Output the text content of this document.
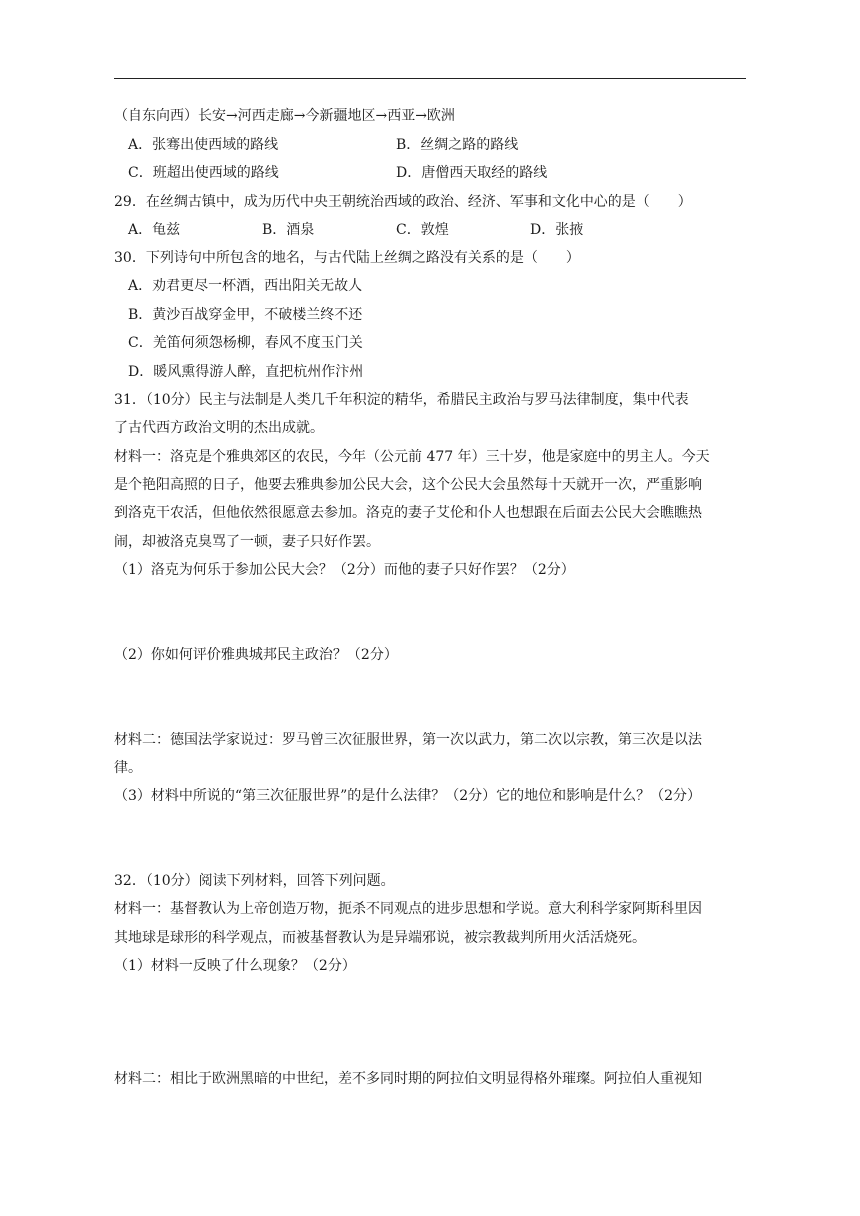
（自东向西）长安→河西走廊→今新疆地区→西亚→欧洲
A．张骞出使西域的路线	B．丝绸之路的路线
C．班超出使西域的路线	D．唐僧西天取经的路线
29．在丝绸古镇中，成为历代中央王朝统治西域的政治、经济、军事和文化中心的是（　　）
A．龟兹	B．酒泉	C．敦煌	D．张掖
30．下列诗句中所包含的地名，与古代陆上丝绸之路没有关系的是（　　）
A．劝君更尽一杯酒，西出阳关无故人
B．黄沙百战穿金甲，不破楼兰终不还
C．羌笛何须怨杨柳，春风不度玉门关
D．暖风熏得游人醉，直把杭州作汴州
31．（10分）民主与法制是人类几千年积淀的精华，希腊民主政治与罗马法律制度，集中代表
了古代西方政治文明的杰出成就。
材料一：洛克是个雅典郊区的农民，今年（公元前 477 年）三十岁，他是家庭中的男主人。今天
是个艳阳高照的日子，他要去雅典参加公民大会，这个公民大会虽然每十天就开一次，严重影响
到洛克干农活，但他依然很愿意去参加。洛克的妻子艾伦和仆人也想跟在后面去公民大会瞧瞧热
闹，却被洛克臭骂了一顿，妻子只好作罢。
（1）洛克为何乐于参加公民大会？（2分）而他的妻子只好作罢？（2分）
（2）你如何评价雅典城邦民主政治？（2分）
材料二：德国法学家说过：罗马曾三次征服世界，第一次以武力，第二次以宗教，第三次是以法
律。
（3）材料中所说的“第三次征服世界”的是什么法律？（2分）它的地位和影响是什么？（2分）
32．（10分）阅读下列材料，回答下列问题。
材料一：基督教认为上帝创造万物，扼杀不同观点的进步思想和学说。意大利科学家阿斯科里因
其地球是球形的科学观点，而被基督教认为是异端邪说，被宗教裁判所用火活活烧死。
（1）材料一反映了什么现象？（2分）
材料二：相比于欧洲黑暗的中世纪，差不多同时期的阿拉伯文明显得格外璀璨。阿拉伯人重视知
